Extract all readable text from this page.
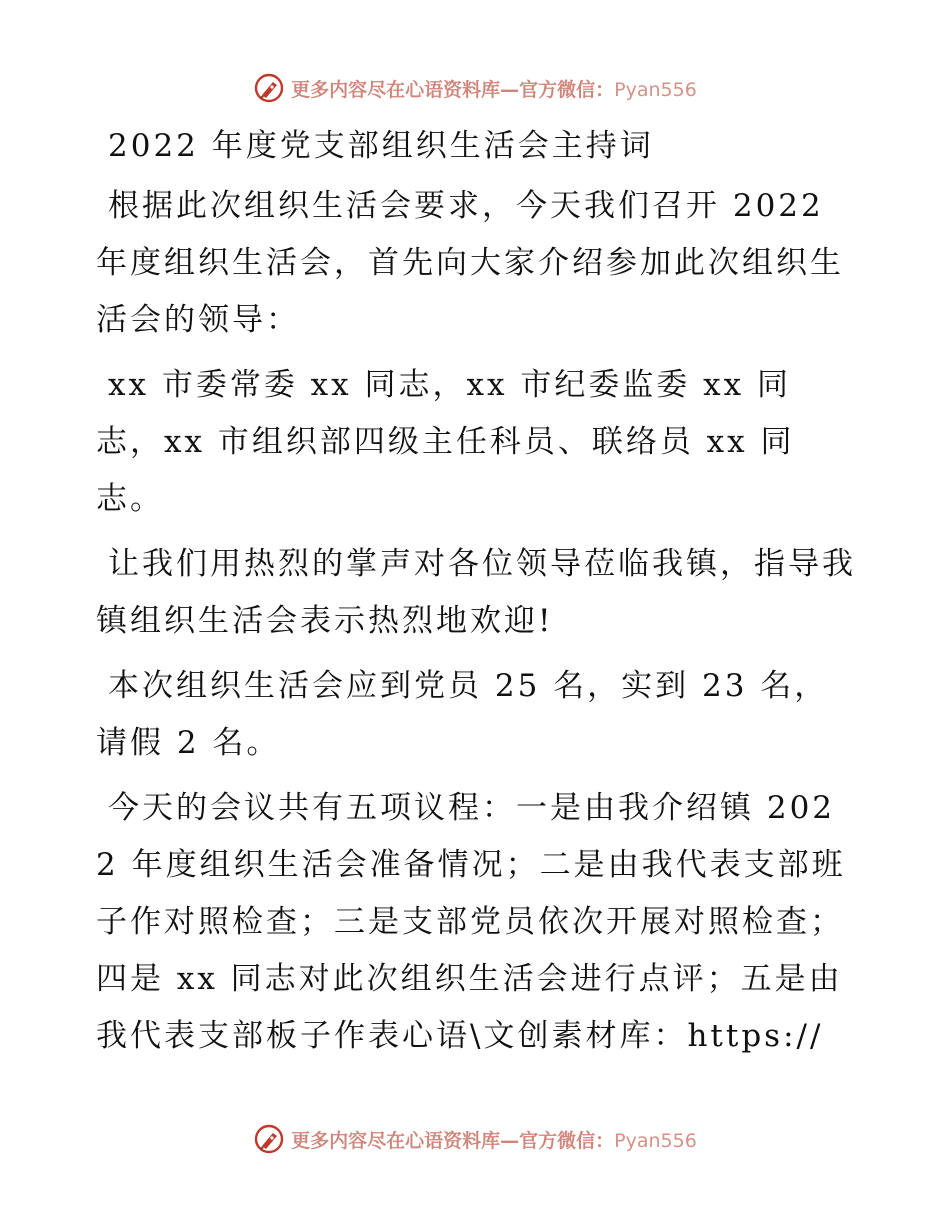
更多内容尽在心语资料库—官方微信：Pyan556
2022 年度党支部组织生活会主持词

根据此次组织生活会要求，今天我们召开 2022 年度组织生活会，首先向大家介绍参加此次组织生活会的领导：

xx 市委常委 xx 同志，xx 市纪委监委 xx 同志，xx 市组织部四级主任科员、联络员 xx 同志。

让我们用热烈的掌声对各位领导莅临我镇，指导我镇组织生活会表示热烈地欢迎!

本次组织生活会应到党员 25 名，实到 23 名，请假 2 名。

今天的会议共有五项议程：一是由我介绍镇 2022 年度组织生活会准备情况；二是由我代表支部班子作对照检查；三是支部党员依次开展对照检查；四是 xx 同志对此次组织生活会进行点评；五是由我代表支部板子作表心语\文创素材库：https://

更多内容尽在心语资料库—官方微信：Pyan556
